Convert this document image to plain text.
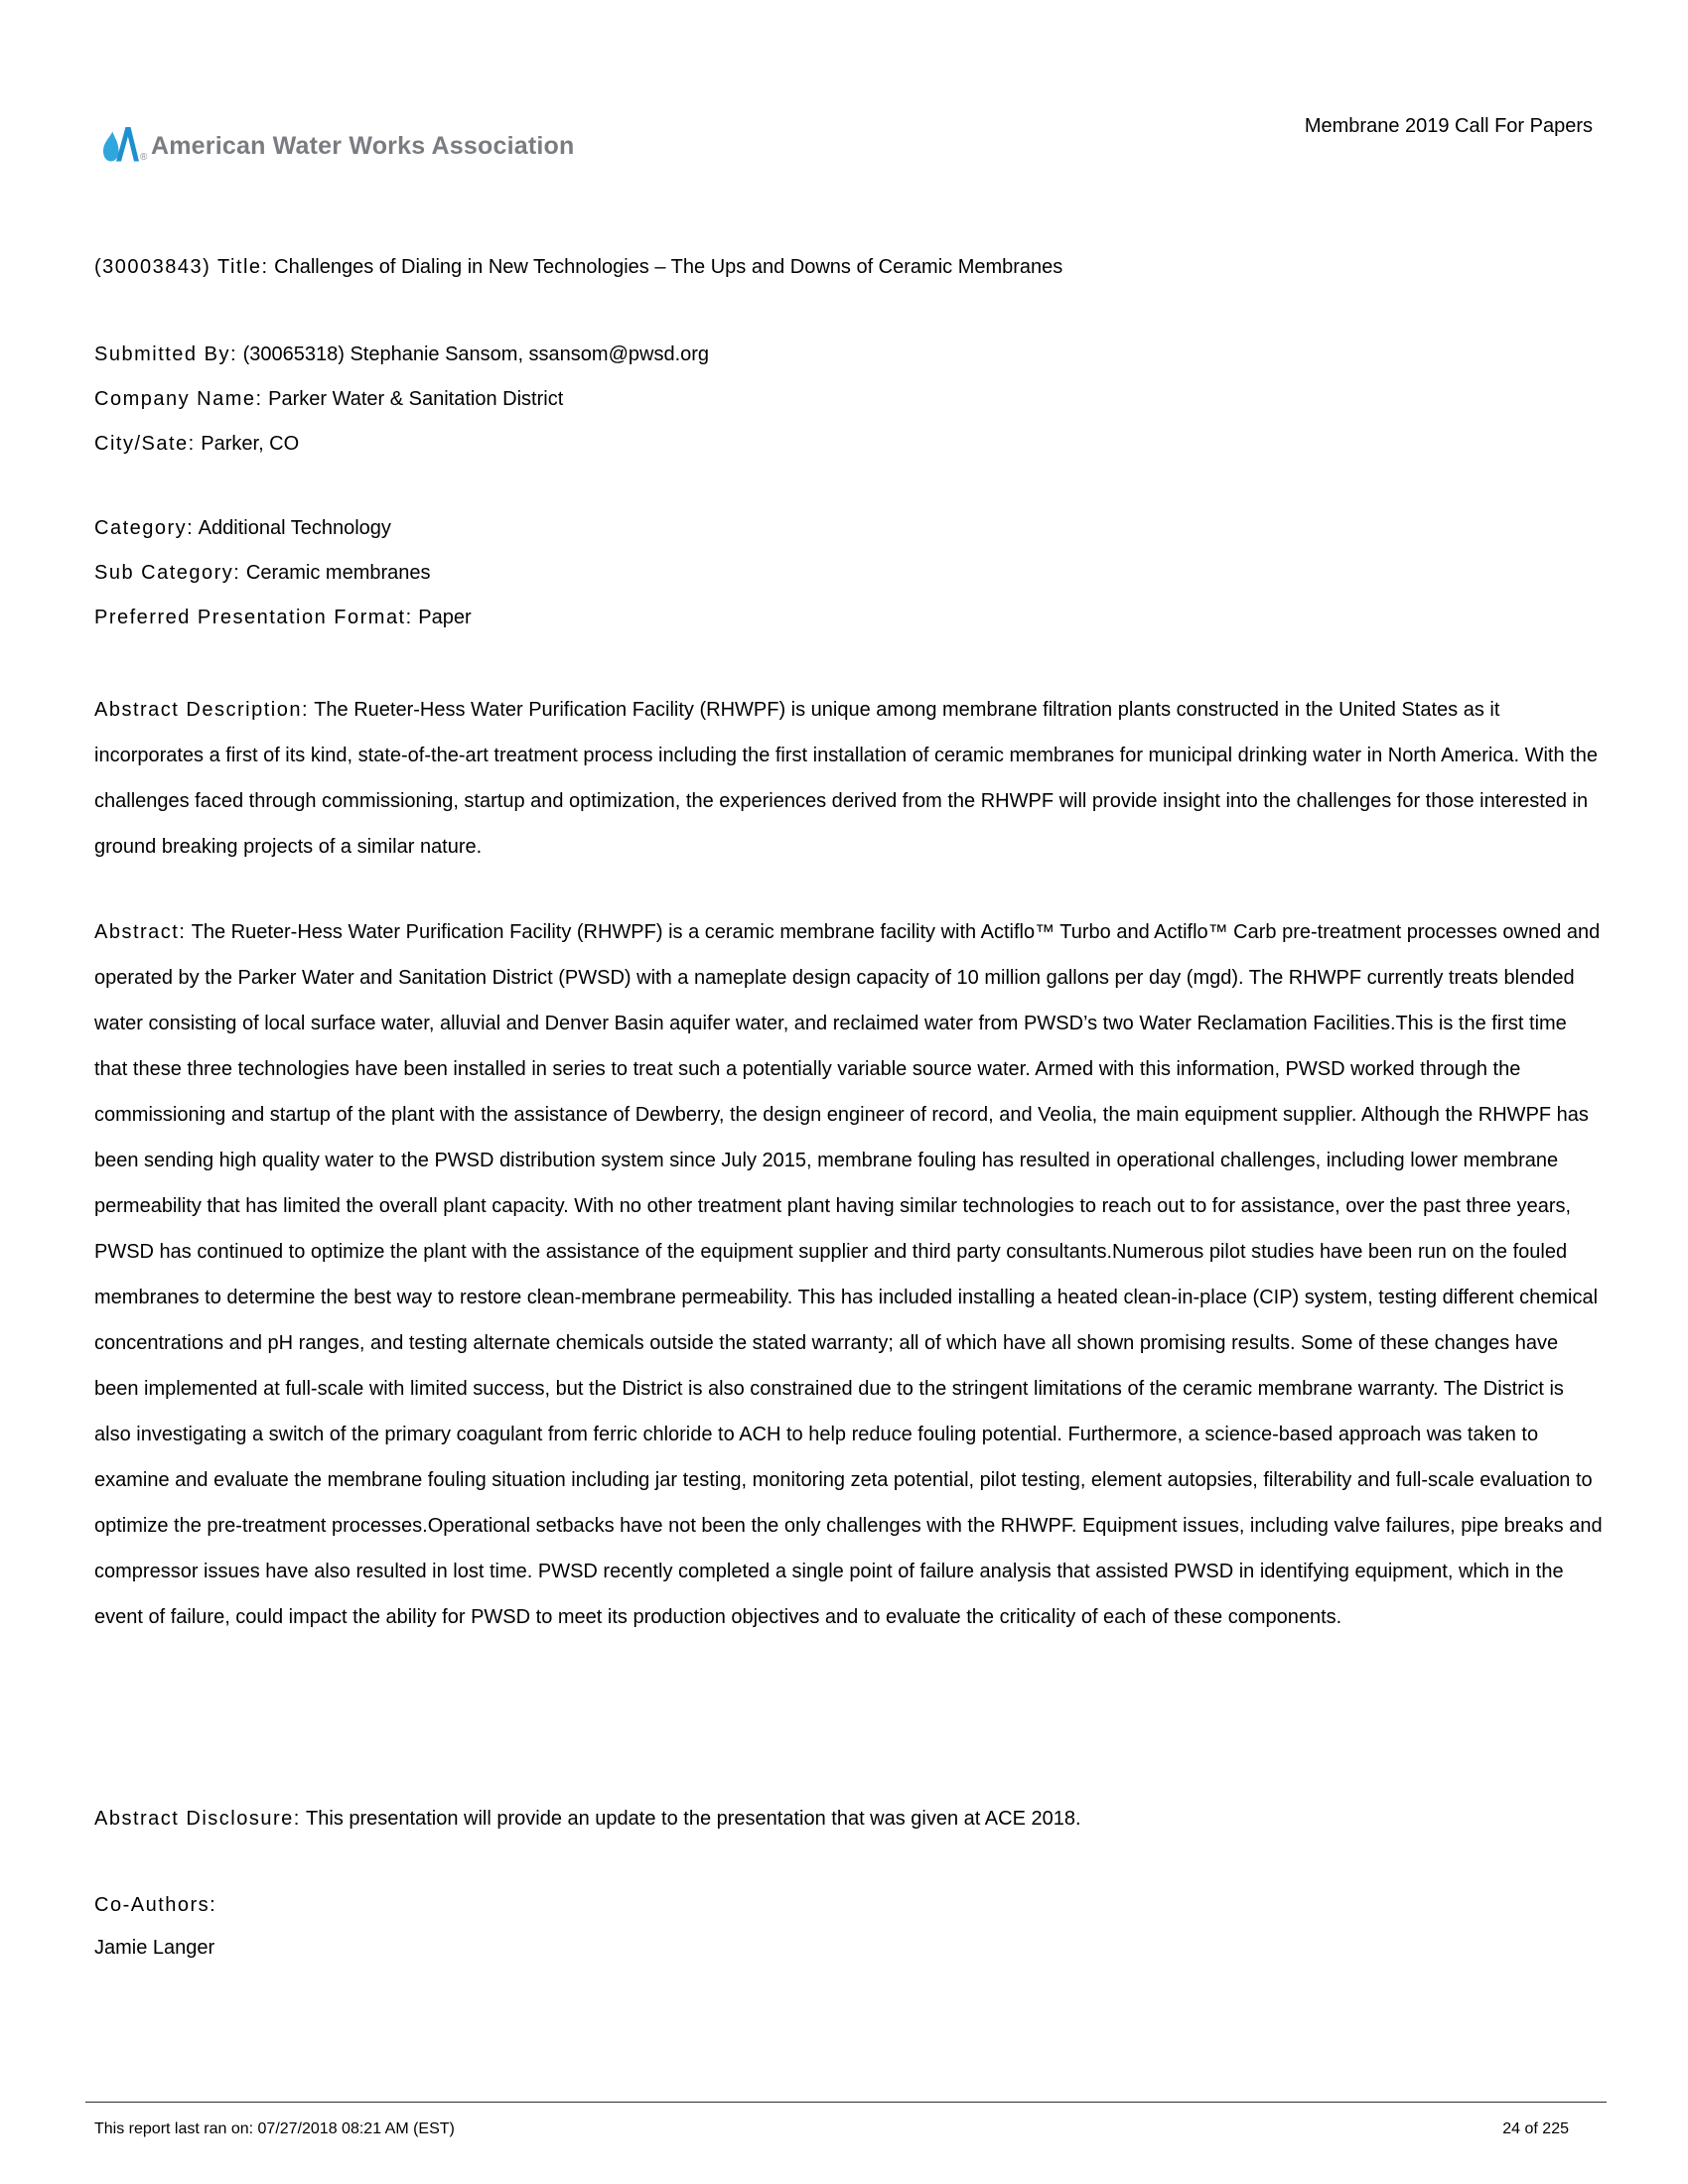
® American Water Works Association
Membrane 2019 Call For Papers

(30003843) Title: Challenges of Dialing in New Technologies – The Ups and Downs of Ceramic Membranes

Submitted By: (30065318) Stephanie Sansom, ssansom@pwsd.org

Company Name: Parker Water & Sanitation District

City/Sate: Parker, CO

Category: Additional Technology

Sub Category: Ceramic membranes

Preferred Presentation Format: Paper

Abstract Description: The Rueter-Hess Water Purification Facility (RHWPF) is unique among membrane filtration plants constructed in the United States as it incorporates a first of its kind, state-of-the-art treatment process including the first installation of ceramic membranes for municipal drinking water in North America. With the challenges faced through commissioning, startup and optimization, the experiences derived from the RHWPF will provide insight into the challenges for those interested in ground breaking projects of a similar nature.

Abstract: The Rueter-Hess Water Purification Facility (RHWPF) is a ceramic membrane facility with Actiflo™ Turbo and Actiflo™ Carb pre-treatment processes owned and operated by the Parker Water and Sanitation District (PWSD) with a nameplate design capacity of 10 million gallons per day (mgd). The RHWPF currently treats blended water consisting of local surface water, alluvial and Denver Basin aquifer water, and reclaimed water from PWSD’s two Water Reclamation Facilities.This is the first time that these three technologies have been installed in series to treat such a potentially variable source water. Armed with this information, PWSD worked through the commissioning and startup of the plant with the assistance of Dewberry, the design engineer of record, and Veolia, the main equipment supplier. Although the RHWPF has been sending high quality water to the PWSD distribution system since July 2015, membrane fouling has resulted in operational challenges, including lower membrane permeability that has limited the overall plant capacity. With no other treatment plant having similar technologies to reach out to for assistance, over the past three years, PWSD has continued to optimize the plant with the assistance of the equipment supplier and third party consultants.Numerous pilot studies have been run on the fouled membranes to determine the best way to restore clean-membrane permeability. This has included installing a heated clean-in-place (CIP) system, testing different chemical concentrations and pH ranges, and testing alternate chemicals outside the stated warranty; all of which have all shown promising results. Some of these changes have been implemented at full-scale with limited success, but the District is also constrained due to the stringent limitations of the ceramic membrane warranty. The District is also investigating a switch of the primary coagulant from ferric chloride to ACH to help reduce fouling potential. Furthermore, a science-based approach was taken to examine and evaluate the membrane fouling situation including jar testing, monitoring zeta potential, pilot testing, element autopsies, filterability and full-scale evaluation to optimize the pre-treatment processes.Operational setbacks have not been the only challenges with the RHWPF. Equipment issues, including valve failures, pipe breaks and compressor issues have also resulted in lost time. PWSD recently completed a single point of failure analysis that assisted PWSD in identifying equipment, which in the event of failure, could impact the ability for PWSD to meet its production objectives and to evaluate the criticality of each of these components.

Abstract Disclosure: This presentation will provide an update to the presentation that was given at ACE 2018.

Co-Authors:

Jamie Langer

This report last ran on: 07/27/2018 08:21 AM (EST)	24 of 225
